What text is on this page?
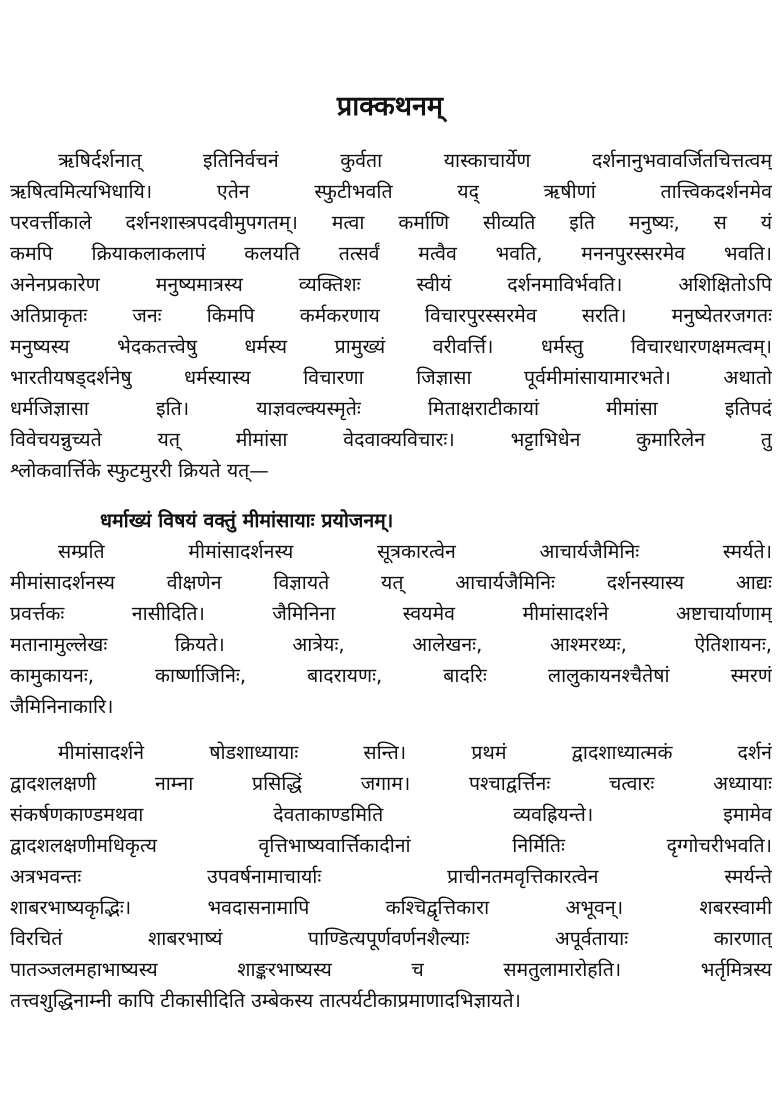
प्राक्कथनम्
ऋषिर्दर्शनात् इतिनिर्वचनं कुर्वता यास्काचार्येण दर्शनानुभवावर्जितचित्तत्वम्
ऋषित्वमित्यभिधायि। एतेन स्फुटीभवति यद् ऋषीणां तात्त्विकदर्शनमेव
परवर्त्तीकाले दर्शनशास्त्रपदवीमुपगतम्। मत्वा कर्माणि सीव्यति इति मनुष्यः, स यं
कमपि क्रियाकलाकलापं कलयति तत्सर्वं मत्वैव भवति, मननपुरस्सरमेव भवति।
अनेनप्रकारेण मनुष्यमात्रस्य व्यक्तिशः स्वीयं दर्शनमाविर्भवति। अशिक्षितोऽपि
अतिप्राकृतः जनः किमपि कर्मकरणाय विचारपुरस्सरमेव सरति। मनुष्येतरजगतः
मनुष्यस्य भेदकतत्त्वेषु धर्मस्य प्रामुख्यं वरीवर्त्ति। धर्मस्तु विचारधारणक्षमत्वम्।
भारतीयषड्दर्शनेषु धर्मस्यास्य विचारणा जिज्ञासा पूर्वमीमांसायामारभते। अथातो
धर्मजिज्ञासा इति। याज्ञवल्क्यस्मृतेः मिताक्षराटीकायां मीमांसा इतिपदं
विवेचयन्नुच्यते यत् मीमांसा वेदवाक्यविचारः। भट्टाभिधेन कुमारिलेन तु
श्लोकवार्त्तिके स्फुटमुररी क्रियते यत्—
धर्माख्यं विषयं वक्तुं मीमांसायाः प्रयोजनम्।
सम्प्रति मीमांसादर्शनस्य सूत्रकारत्वेन आचार्यजैमिनिः स्मर्यते।
मीमांसादर्शनस्य वीक्षणेन विज्ञायते यत् आचार्यजैमिनिः दर्शनस्यास्य आद्यः
प्रवर्त्तकः नासीदिति। जैमिनिना स्वयमेव मीमांसादर्शने अष्टाचार्याणाम्
मतानामुल्लेखः क्रियते। आत्रेयः, आलेखनः, आश्मरथ्यः, ऐतिशायनः,
कामुकायनः, कार्ष्णाजिनिः, बादरायणः, बादरिः लालुकायनश्चैतेषां स्मरणं
जैमिनिनाकारि।
मीमांसादर्शने षोडशाध्यायाः सन्ति। प्रथमं द्वादशाध्यात्मकं दर्शनं
द्वादशलक्षणी नाम्ना प्रसिद्धिं जगाम। पश्चाद्वर्त्तिनः चत्वारः अध्यायाः
संकर्षणकाण्डमथवा देवताकाण्डमिति व्यवह्रियन्ते। इमामेव
द्वादशलक्षणीमधिकृत्य वृत्तिभाष्यवार्त्तिकादीनां निर्मितिः दृग्गोचरीभवति।
अत्रभवन्तः उपवर्षनामाचार्याः प्राचीनतमवृत्तिकारत्वेन स्मर्यन्ते
शाबरभाष्यकृद्भिः। भवदासनामापि कश्चिद्वृत्तिकारा अभूवन्। शबरस्वामी
विरचितं शाबरभाष्यं पाण्डित्यपूर्णवर्णनशैल्याः अपूर्वतायाः कारणात्
पातञ्जलमहाभाष्यस्य शाङ्करभाष्यस्य च समतुलामारोहति। भर्तृमित्रस्य
तत्त्वशुद्धिनाम्नी कापि टीकासीदिति उम्बेकस्य तात्पर्यटीकाप्रमाणादभिज्ञायते।
